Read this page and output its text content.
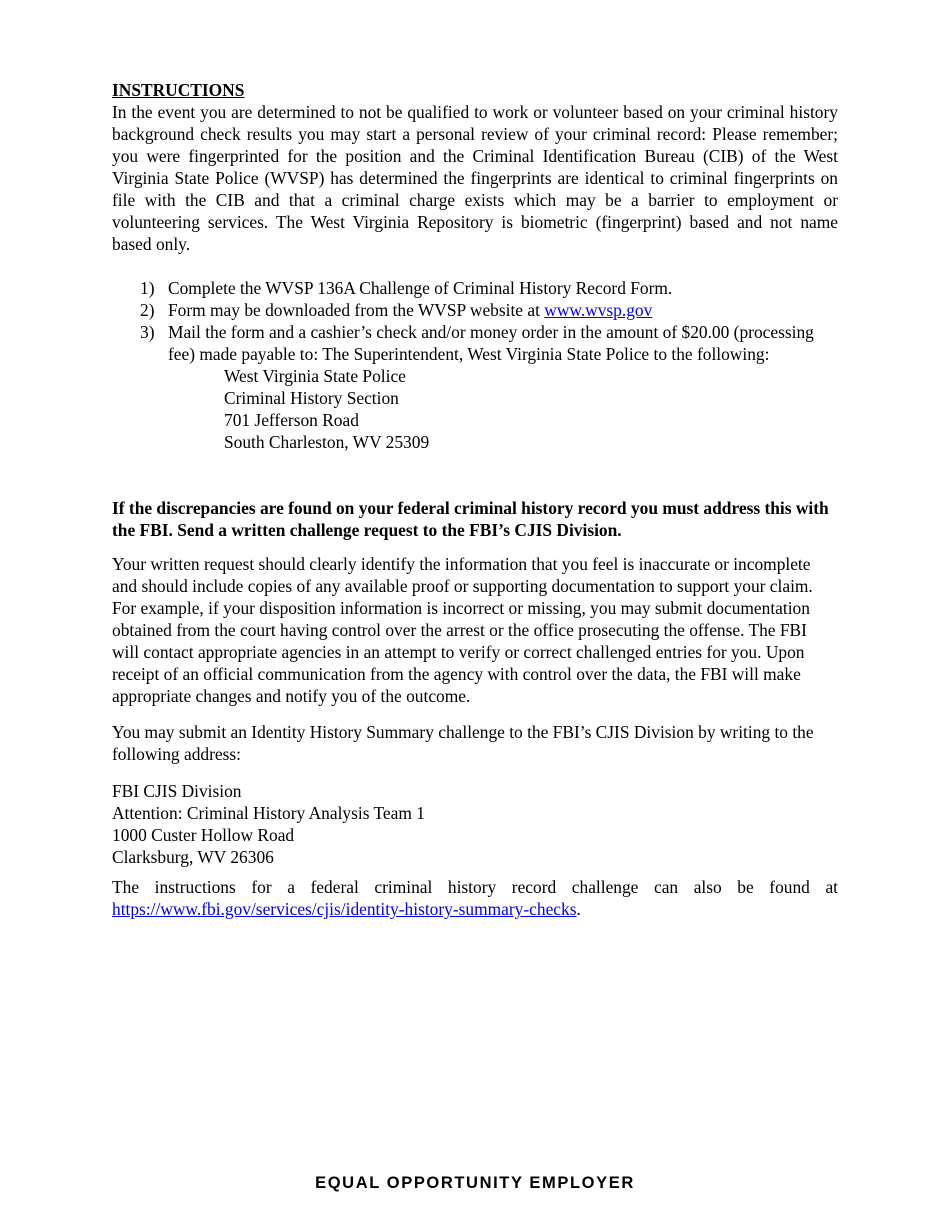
INSTRUCTIONS

In the event you are determined to not be qualified to work or volunteer based on your criminal history background check results you may start a personal review of your criminal record: Please remember; you were fingerprinted for the position and the Criminal Identification Bureau (CIB) of the West Virginia State Police (WVSP) has determined the fingerprints are identical to criminal fingerprints on file with the CIB and that a criminal charge exists which may be a barrier to employment or volunteering services. The West Virginia Repository is biometric (fingerprint) based and not name based only.

1) Complete the WVSP 136A Challenge of Criminal History Record Form.
2) Form may be downloaded from the WVSP website at www.wvsp.gov
3) Mail the form and a cashier’s check and/or money order in the amount of $20.00 (processing fee) made payable to: The Superintendent, West Virginia State Police to the following:
West Virginia State Police
Criminal History Section
701 Jefferson Road
South Charleston, WV 25309

If the discrepancies are found on your federal criminal history record you must address this with the FBI. Send a written challenge request to the FBI’s CJIS Division.

Your written request should clearly identify the information that you feel is inaccurate or incomplete and should include copies of any available proof or supporting documentation to support your claim. For example, if your disposition information is incorrect or missing, you may submit documentation obtained from the court having control over the arrest or the office prosecuting the offense. The FBI will contact appropriate agencies in an attempt to verify or correct challenged entries for you. Upon receipt of an official communication from the agency with control over the data, the FBI will make appropriate changes and notify you of the outcome.

You may submit an Identity History Summary challenge to the FBI’s CJIS Division by writing to the following address:

FBI CJIS Division
Attention: Criminal History Analysis Team 1
1000 Custer Hollow Road
Clarksburg, WV 26306

The instructions for a federal criminal history record challenge can also be found at https://www.fbi.gov/services/cjis/identity-history-summary-checks.

EQUAL OPPORTUNITY EMPLOYER
